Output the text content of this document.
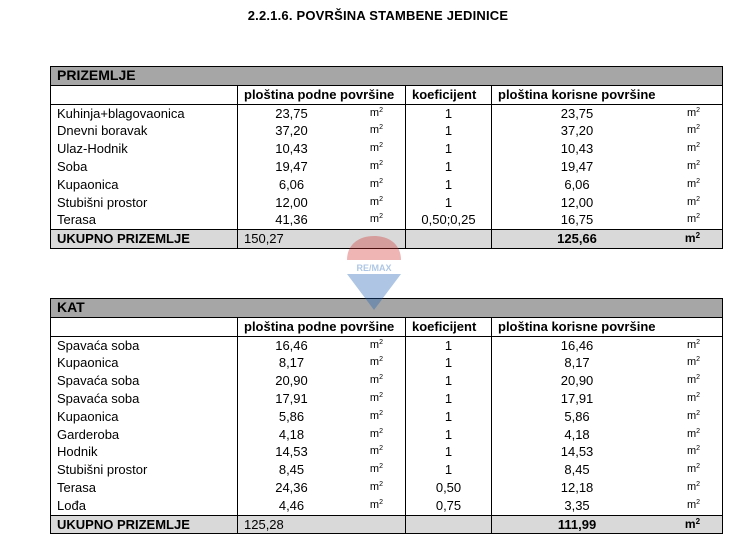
2.2.1.6. POVRŠINA STAMBENE JEDINICE
PRIZEMLJE			
	ploština podne površine	koeficijent	ploština korisne površine
Kuhinja+blagovaonica	23,75 $m^2$	1	23,75 $m^2$

Dnevni boravak	37,20 $m^2$	1	37,20 $m^2$

Ulaz-Hodnik	10,43 $m^2$	1	10,43 $m^2$

Soba	19,47 $m^2$	1	19,47 $m^2$

Kupaonica	6,06 $m^2$	1	6,06 $m^2$

Stubišni prostor	12,00 $m^2$	1	12,00 $m^2$

Terasa	41,36 $m^2$	0,50;0,25	16,75 $m^2$

UKUPNO PRIZEMLJE	150,27		125,66 $m^2$
KAT			
	ploština podne površine	koeficijent	ploština korisne površine
Spavaća soba	16,46 $m^2$	1	16,46 $m^2$

Kupaonica	8,17 $m^2$	1	8,17 $m^2$

Spavaća soba	20,90 $m^2$	1	20,90 $m^2$

Spavaća soba	17,91 $m^2$	1	17,91 $m^2$

Kupaonica	5,86 $m^2$	1	5,86 $m^2$

Garderoba	4,18 $m^2$	1	4,18 $m^2$

Hodnik	14,53 $m^2$	1	14,53 $m^2$

Stubišni prostor	8,45 $m^2$	1	8,45 $m^2$

Terasa	24,36 $m^2$	0,50	12,18 $m^2$

Lođa	4,46 $m^2$	0,75	3,35 $m^2$

UKUPNO PRIZEMLJE	125,28		111,99 $m^2$
RE/MAX
